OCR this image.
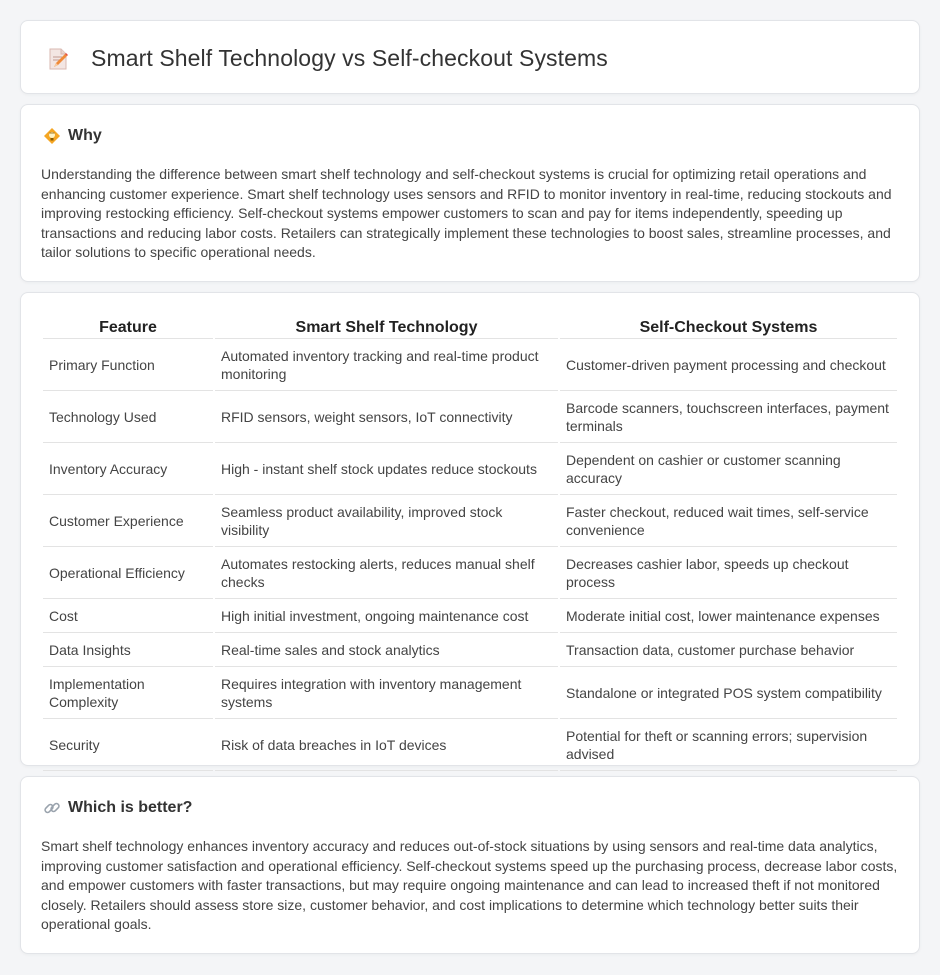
Smart Shelf Technology vs Self-checkout Systems
Why

Understanding the difference between smart shelf technology and self-checkout systems is crucial for optimizing retail operations and enhancing customer experience. Smart shelf technology uses sensors and RFID to monitor inventory in real-time, reducing stockouts and improving restocking efficiency. Self-checkout systems empower customers to scan and pay for items independently, speeding up transactions and reducing labor costs. Retailers can strategically implement these technologies to boost sales, streamline processes, and tailor solutions to specific operational needs.

Feature	Smart Shelf Technology	Self-Checkout Systems
Primary Function	Automated inventory tracking and real-time product monitoring	Customer-driven payment processing and checkout
Technology Used	RFID sensors, weight sensors, IoT connectivity	Barcode scanners, touchscreen interfaces, payment terminals
Inventory Accuracy	High - instant shelf stock updates reduce stockouts	Dependent on cashier or customer scanning accuracy
Customer Experience	Seamless product availability, improved stock visibility	Faster checkout, reduced wait times, self-service convenience
Operational Efficiency	Automates restocking alerts, reduces manual shelf checks	Decreases cashier labor, speeds up checkout process
Cost	High initial investment, ongoing maintenance cost	Moderate initial cost, lower maintenance expenses
Data Insights	Real-time sales and stock analytics	Transaction data, customer purchase behavior
Implementation Complexity	Requires integration with inventory management systems	Standalone or integrated POS system compatibility
Security	Risk of data breaches in IoT devices	Potential for theft or scanning errors; supervision advised
Which is better?

Smart shelf technology enhances inventory accuracy and reduces out-of-stock situations by using sensors and real-time data analytics, improving customer satisfaction and operational efficiency. Self-checkout systems speed up the purchasing process, decrease labor costs, and empower customers with faster transactions, but may require ongoing maintenance and can lead to increased theft if not monitored closely. Retailers should assess store size, customer behavior, and cost implications to determine which technology better suits their operational goals.
